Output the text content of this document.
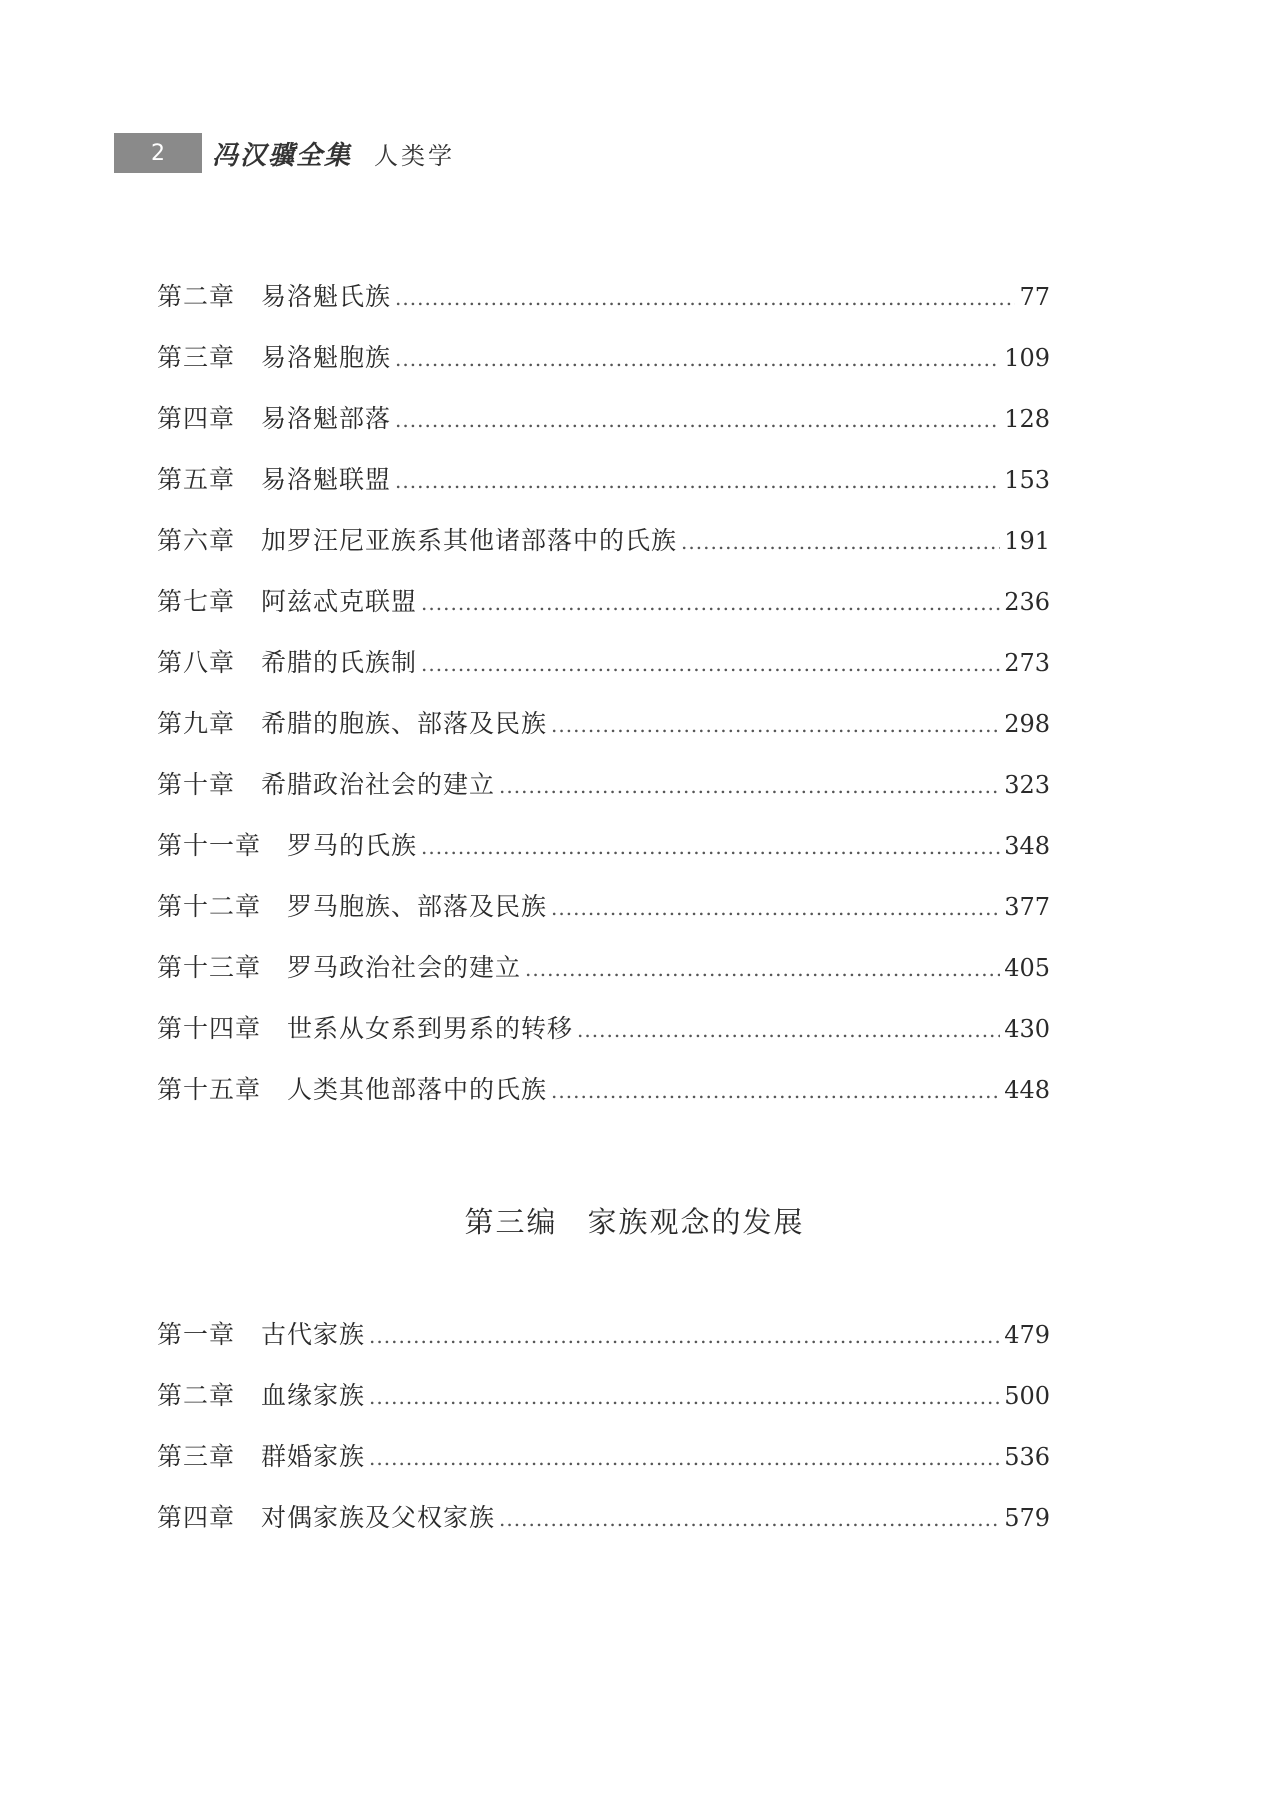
2	冯汉骥全集 人类学
第二章 易洛魁氏族 .....	77
第三章 易洛魁胞族 .....	109
第四章 易洛魁部落 .....	128
第五章 易洛魁联盟 .....	153
第六章 加罗汪尼亚族系其他诸部落中的氏族 .....	191
第七章 阿兹忒克联盟 .....	236
第八章 希腊的氏族制 .....	273
第九章 希腊的胞族、部落及民族 .....	298
第十章 希腊政治社会的建立 .....	323
第十一章 罗马的氏族 .....	348
第十二章 罗马胞族、部落及民族 .....	377
第十三章 罗马政治社会的建立 .....	405
第十四章 世系从女系到男系的转移 .....	430
第十五章 人类其他部落中的氏族 .....	448
第三编 家族观念的发展
第一章 古代家族 .....	479
第二章 血缘家族 .....	500
第三章 群婚家族 .....	536
第四章 对偶家族及父权家族 .....	579
